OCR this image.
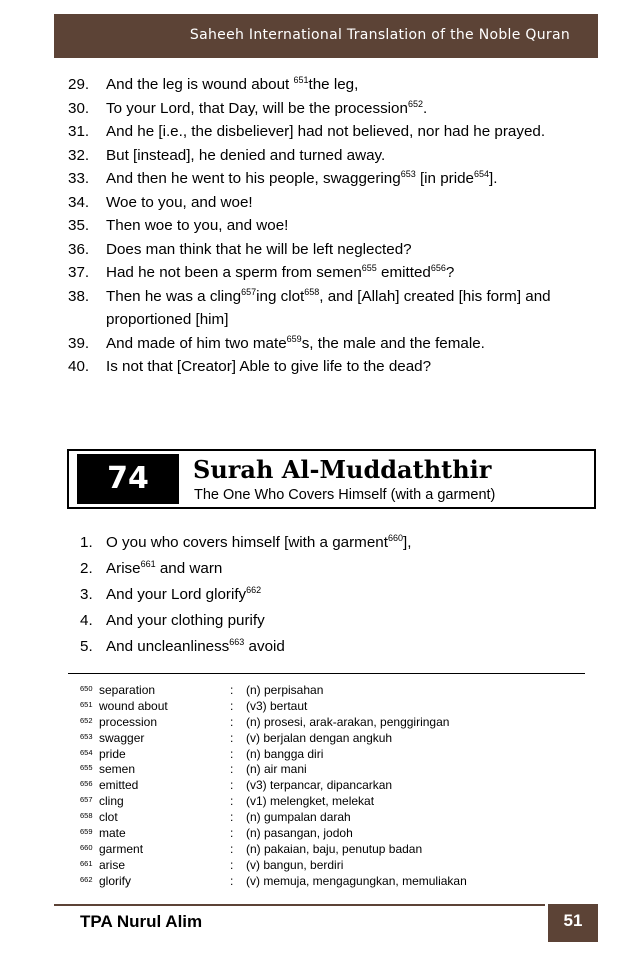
Saheeh International Translation of the Noble Quran
29. And the leg is wound about $^{651}$the leg,
30. To your Lord, that Day, will be the procession$^{652}$.
31. And he [i.e., the disbeliever] had not believed, nor had he prayed.
32. But [instead], he denied and turned away.
33. And then he went to his people, swaggering$^{653}$ [in pride$^{654}$].
34. Woe to you, and woe!
35. Then woe to you, and woe!
36. Does man think that he will be left neglected?
37. Had he not been a sperm from semen$^{655}$ emitted$^{656}$?
38. Then he was a cling$^{657}$ing clot$^{658}$, and [Allah] created [his form] and proportioned [him]
39. And made of him two mate$^{659}$s, the male and the female.
40. Is not that [Creator] Able to give life to the dead?
74	Surah Al-Muddaththir
The One Who Covers Himself (with a garment)
1. O you who covers himself [with a garment$^{660}$],
2. Arise$^{661}$ and warn
3. And your Lord glorify$^{662}$
4. And your clothing purify
5. And uncleanliness$^{663}$ avoid
650 separation	: (n) perpisahan
651 wound about	: (v3) bertaut
652 procession	: (n) prosesi, arak-arakan, penggiringan
653 swagger	: (v) berjalan dengan angkuh
654 pride	: (n) bangga diri
655 semen	: (n) air mani
656 emitted	: (v3) terpancar, dipancarkan
657 cling	: (v1) melengket, melekat
658 clot	: (n) gumpalan darah
659 mate	: (n) pasangan, jodoh
660 garment	: (n) pakaian, baju, penutup badan
661 arise	: (v) bangun, berdiri
662 glorify	: (v) memuja, mengagungkan, memuliakan
TPA Nurul Alim	51
